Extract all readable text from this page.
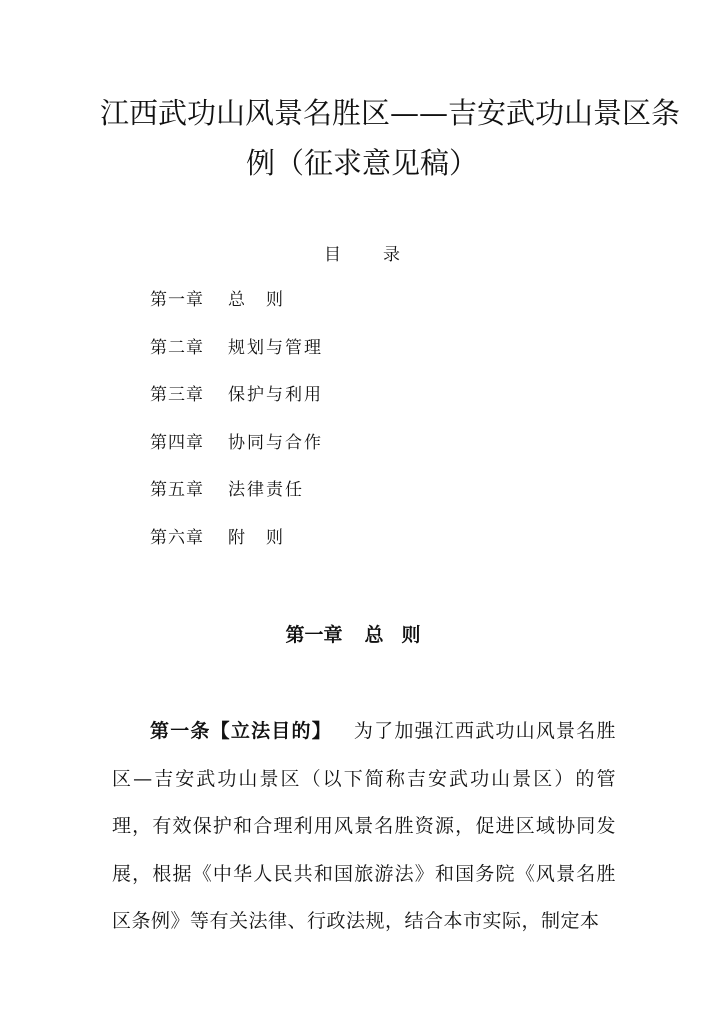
江西武功山风景名胜区——吉安武功山景区条
例（征求意见稿）
目录
第一章 总　则
第二章 规划与管理
第三章 保护与利用
第四章 协同与合作
第五章 法律责任
第六章 附　则
第一章 总则

第一条【立法目的】 为了加强江西武功山风景名胜区—吉安武功山景区（以下简称吉安武功山景区）的管理，有效保护和合理利用风景名胜资源，促进区域协同发展，根据《中华人民共和国旅游法》和国务院《风景名胜区条例》等有关法律、行政法规，结合本市实际，制定本
